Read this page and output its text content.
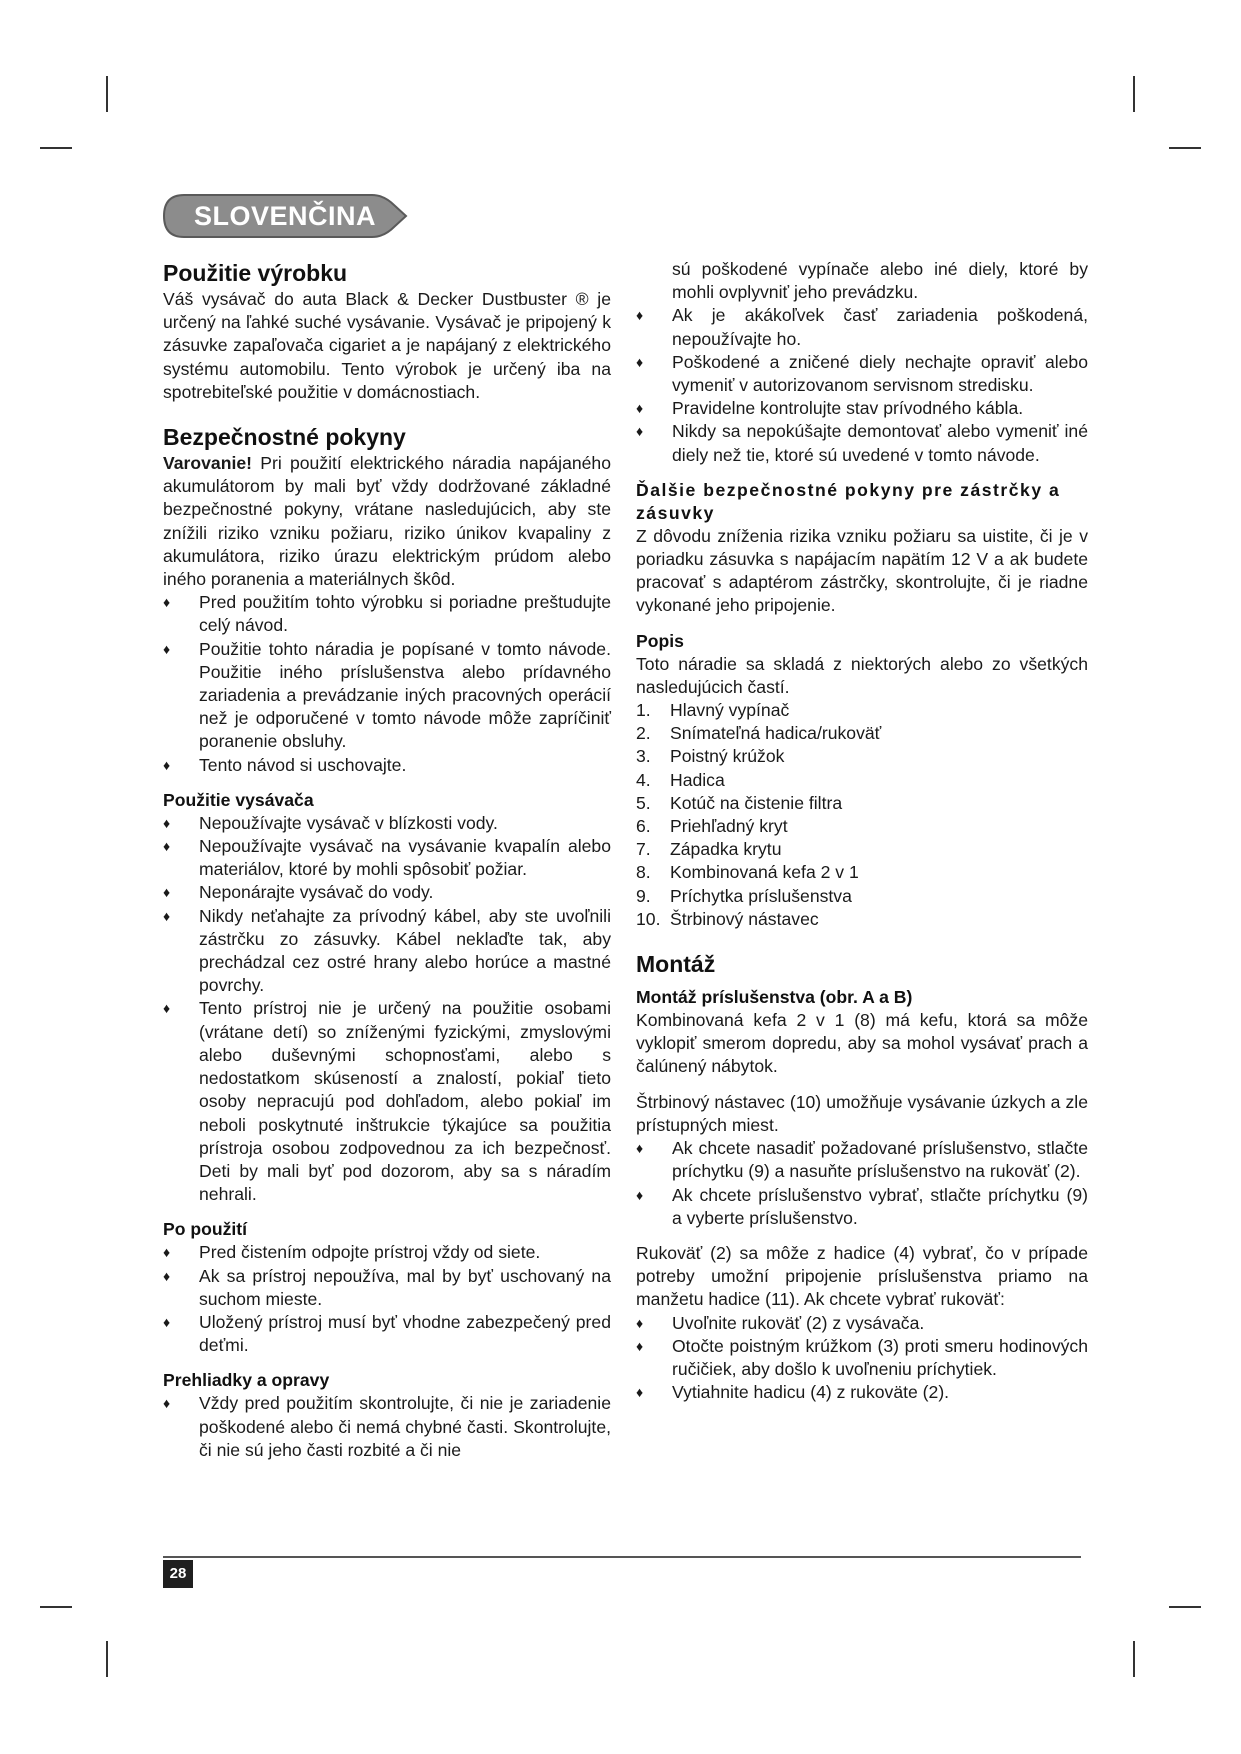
SLOVENČINA
Použitie výrobku

Váš vysávač do auta Black & Decker Dustbuster ® je určený na ľahké suché vysávanie. Vysávač je pripojený k zásuvke zapaľovača cigariet a je napájaný z elektrického systému automobilu. Tento výrobok je určený iba na spotrebiteľské použitie v domácnostiach.

Bezpečnostné pokyny

Varovanie! Pri použití elektrického náradia napájaného akumulátorom by mali byť vždy dodržované základné bezpečnostné pokyny, vrátane nasledujúcich, aby ste znížili riziko vzniku požiaru, riziko únikov kvapaliny z akumulátora, riziko úrazu elektrickým prúdom alebo iného poranenia a materiálnych škôd.

♦ Pred použitím tohto výrobku si poriadne preštudujte celý návod.
♦ Použitie tohto náradia je popísané v tomto návode. Použitie iného príslušenstva alebo prídavného zariadenia a prevádzanie iných pracovných operácií než je odporučené v tomto návode môže zapríčiniť poranenie obsluhy.
♦ Tento návod si uschovajte.
Použitie vysávača
♦ Nepoužívajte vysávač v blízkosti vody.
♦ Nepoužívajte vysávač na vysávanie kvapalín alebo materiálov, ktoré by mohli spôsobiť požiar.
♦ Neponárajte vysávač do vody.
♦ Nikdy neťahajte za prívodný kábel, aby ste uvoľnili zástrčku zo zásuvky. Kábel neklaďte tak, aby prechádzal cez ostré hrany alebo horúce a mastné povrchy.
♦ Tento prístroj nie je určený na použitie osobami (vrátane detí) so zníženými fyzickými, zmyslovými alebo duševnými schopnosťami, alebo s nedostatkom skúseností a znalostí, pokiaľ tieto osoby nepracujú pod dohľadom, alebo pokiaľ im neboli poskytnuté inštrukcie týkajúce sa použitia prístroja osobou zodpovednou za ich bezpečnosť. Deti by mali byť pod dozorom, aby sa s náradím nehrali.
Po použití
♦ Pred čistením odpojte prístroj vždy od siete.
♦ Ak sa prístroj nepoužíva, mal by byť uschovaný na suchom mieste.
♦ Uložený prístroj musí byť vhodne zabezpečený pred deťmi.
Prehliadky a opravy
♦ Vždy pred použitím skontrolujte, či nie je zariadenie poškodené alebo či nemá chybné časti. Skontrolujte, či nie sú jeho časti rozbité a či nie
sú poškodené vypínače alebo iné diely, ktoré by mohli ovplyvniť jeho prevádzku.
♦ Ak je akákoľvek časť zariadenia poškodená, nepoužívajte ho.
♦ Poškodené a zničené diely nechajte opraviť alebo vymeniť v autorizovanom servisnom stredisku.
♦ Pravidelne kontrolujte stav prívodného kábla.
♦ Nikdy sa nepokúšajte demontovať alebo vymeniť iné diely než tie, ktoré sú uvedené v tomto návode.
Ďalšie bezpečnostné pokyny pre zástrčky a zásuvky

Z dôvodu zníženia rizika vzniku požiaru sa uistite, či je v poriadku zásuvka s napájacím napätím 12 V a ak budete pracovať s adaptérom zástrčky, skontrolujte, či je riadne vykonané jeho pripojenie.

Popis

Toto náradie sa skladá z niektorých alebo zo všetkých nasledujúcich častí.

1. Hlavný vypínač
2. Snímateľná hadica/rukoväť
3. Poistný krúžok
4. Hadica
5. Kotúč na čistenie filtra
6. Priehľadný kryt
7. Západka krytu
8. Kombinovaná kefa 2 v 1
9. Príchytka príslušenstva
10. Štrbinový nástavec
Montáž
Montáž príslušenstva (obr. A a B)

Kombinovaná kefa 2 v 1 (8) má kefu, ktorá sa môže vyklopiť smerom dopredu, aby sa mohol vysávať prach a čalúnený nábytok.

Štrbinový nástavec (10) umožňuje vysávanie úzkych a zle prístupných miest.

♦ Ak chcete nasadiť požadované príslušenstvo, stlačte príchytku (9) a nasuňte príslušenstvo na rukoväť (2).
♦ Ak chcete príslušenstvo vybrať, stlačte príchytku (9) a vyberte príslušenstvo.

Rukoväť (2) sa môže z hadice (4) vybrať, čo v prípade potreby umožní pripojenie príslušenstva priamo na manžetu hadice (11). Ak chcete vybrať rukoväť:

♦ Uvoľnite rukoväť (2) z vysávača.
♦ Otočte poistným krúžkom (3) proti smeru hodinových ručičiek, aby došlo k uvoľneniu príchytiek.
♦ Vytiahnite hadicu (4) z rukoväte (2).
28
